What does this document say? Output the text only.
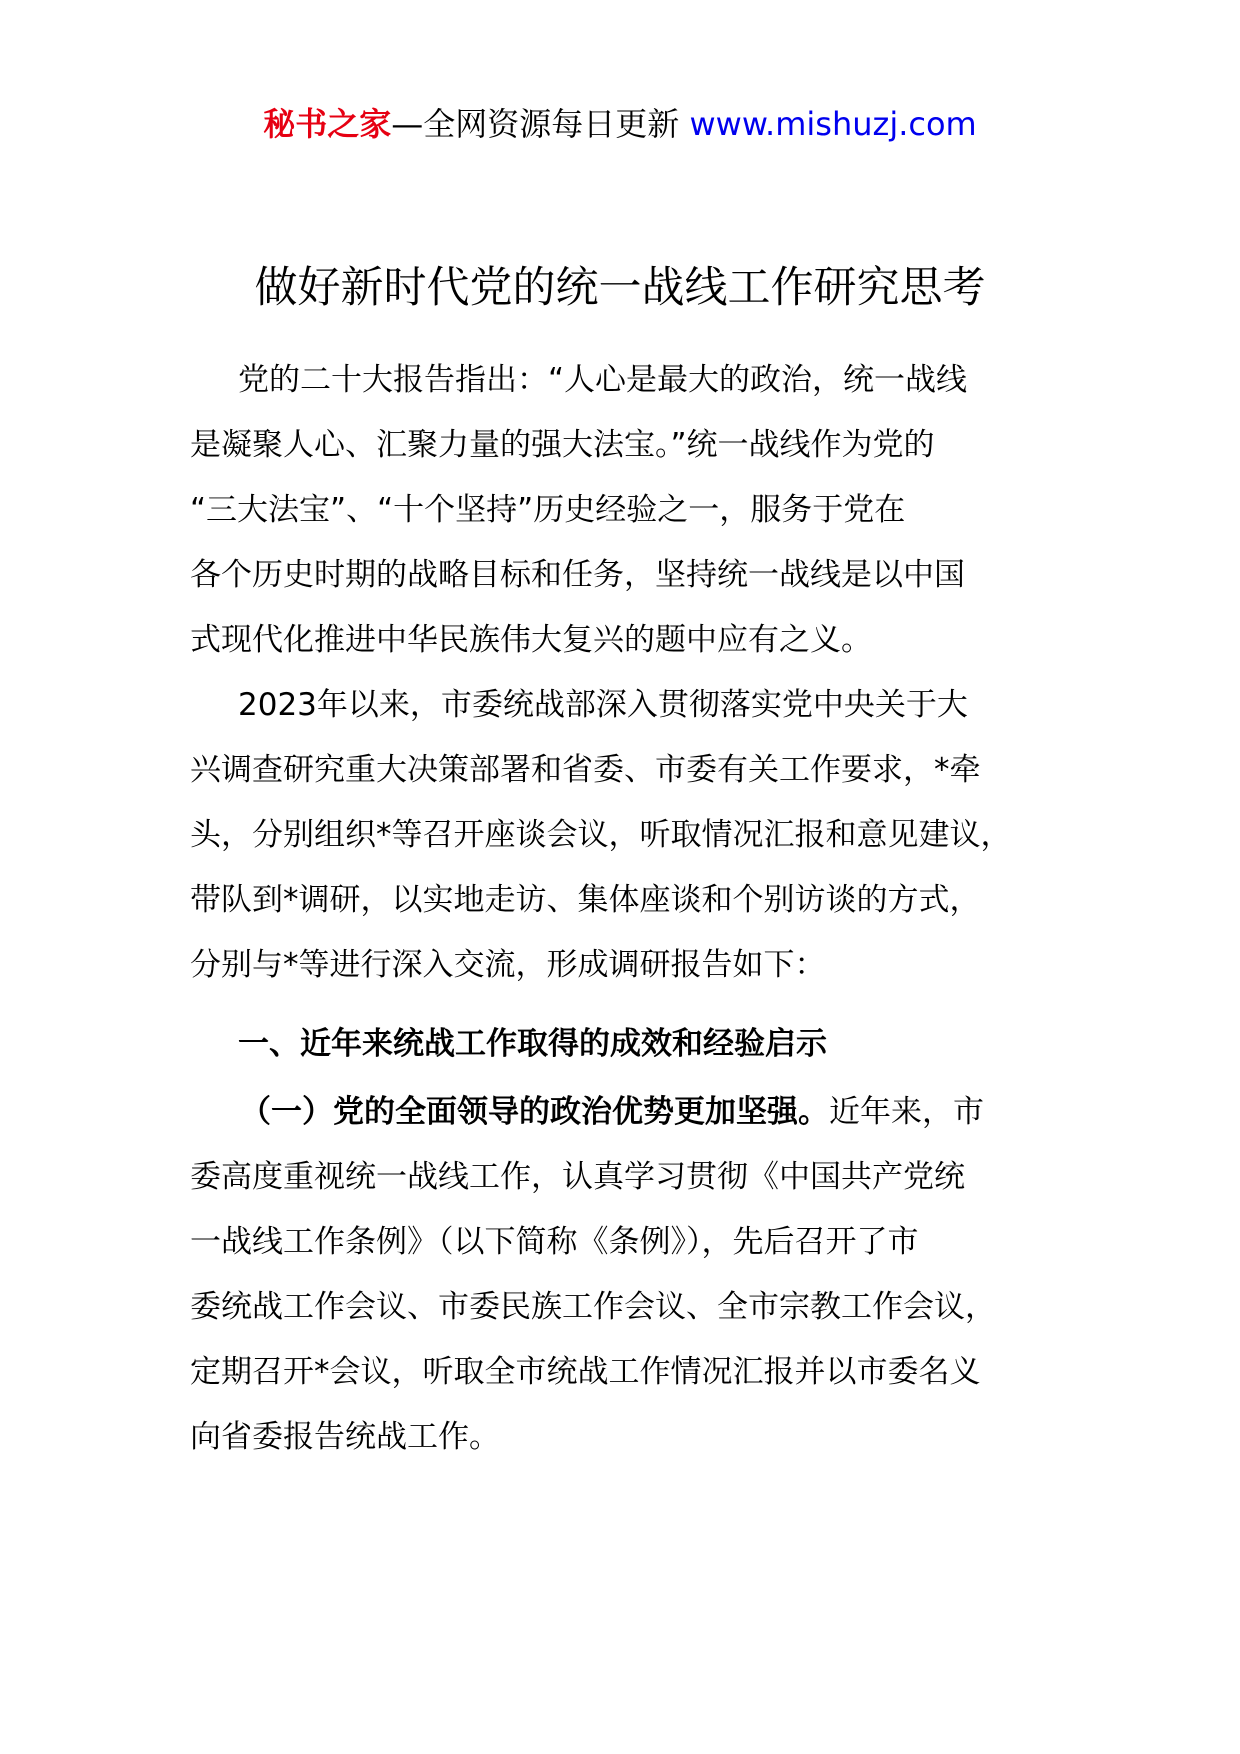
秘书之家—全网资源每日更新 www.mishuzj.com
做好新时代党的统一战线工作研究思考
党的二十大报告指出：“人心是最大的政治，统一战线
是凝聚人心、汇聚力量的强大法宝。”统一战线作为党的
“三大法宝”、“十个坚持”历史经验之一，服务于党在
各个历史时期的战略目标和任务，坚持统一战线是以中国
式现代化推进中华民族伟大复兴的题中应有之义。
2023年以来，市委统战部深入贯彻落实党中央关于大
兴调查研究重大决策部署和省委、市委有关工作要求，*牵
头，分别组织*等召开座谈会议，听取情况汇报和意见建议，
带队到*调研，以实地走访、集体座谈和个别访谈的方式，
分别与*等进行深入交流，形成调研报告如下：
一、近年来统战工作取得的成效和经验启示
（一）党的全面领导的政治优势更加坚强。近年来，市
委高度重视统一战线工作，认真学习贯彻《中国共产党统
一战线工作条例》（以下简称《条例》），先后召开了市
委统战工作会议、市委民族工作会议、全市宗教工作会议，
定期召开*会议，听取全市统战工作情况汇报并以市委名义
向省委报告统战工作。
